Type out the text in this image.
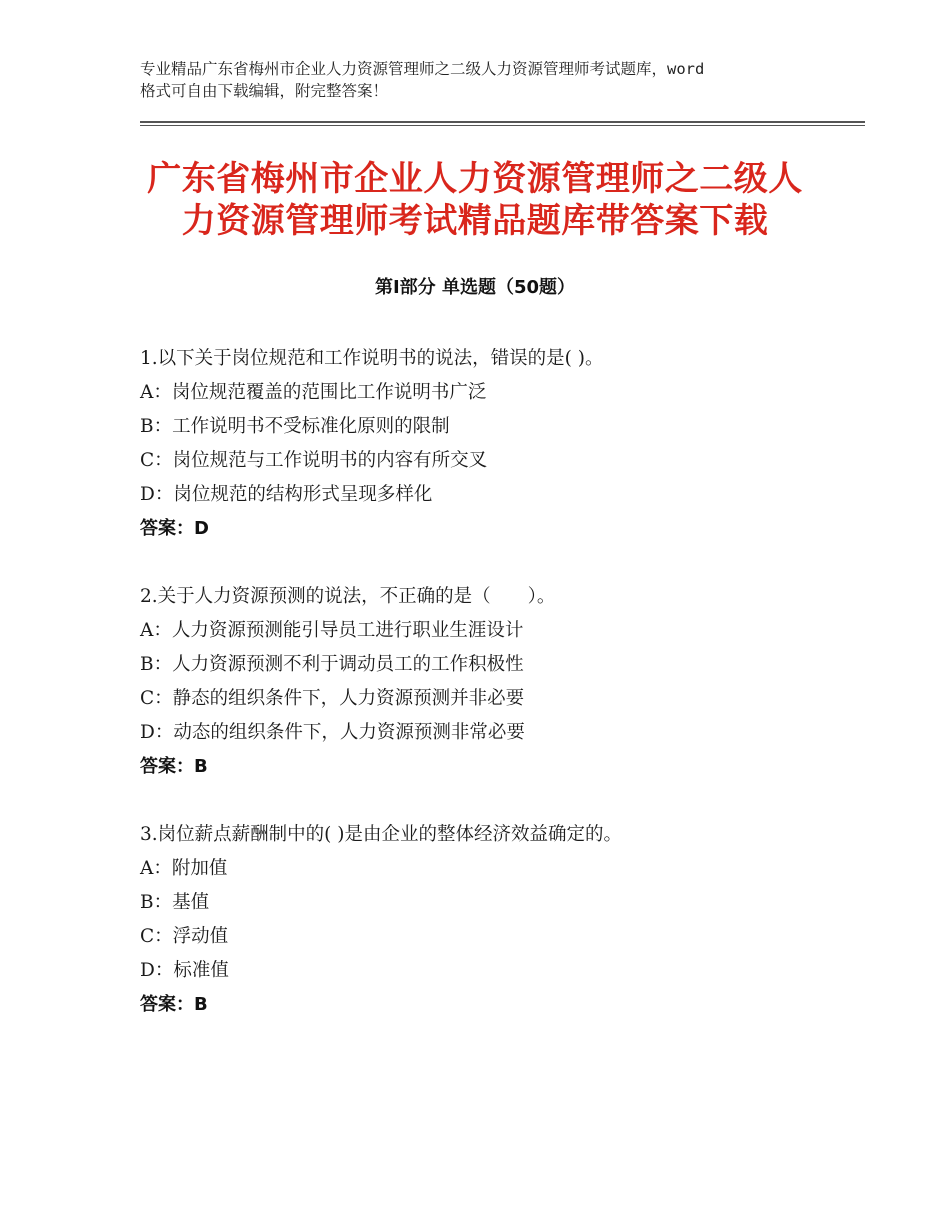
专业精品广东省梅州市企业人力资源管理师之二级人力资源管理师考试题库，word
格式可自由下载编辑，附完整答案！
广东省梅州市企业人力资源管理师之二级人
力资源管理师考试精品题库带答案下载
第Ⅰ部分 单选题（50题）
1.以下关于岗位规范和工作说明书的说法，错误的是( )。
A：岗位规范覆盖的范围比工作说明书广泛
B：工作说明书不受标准化原则的限制
C：岗位规范与工作说明书的内容有所交叉
D：岗位规范的结构形式呈现多样化
答案：D
2.关于人力资源预测的说法，不正确的是（　　）。
A：人力资源预测能引导员工进行职业生涯设计
B：人力资源预测不利于调动员工的工作积极性
C：静态的组织条件下，人力资源预测并非必要
D：动态的组织条件下，人力资源预测非常必要
答案：B
3.岗位薪点薪酬制中的( )是由企业的整体经济效益确定的。
A：附加值
B：基值
C：浮动值
D：标准值
答案：B
